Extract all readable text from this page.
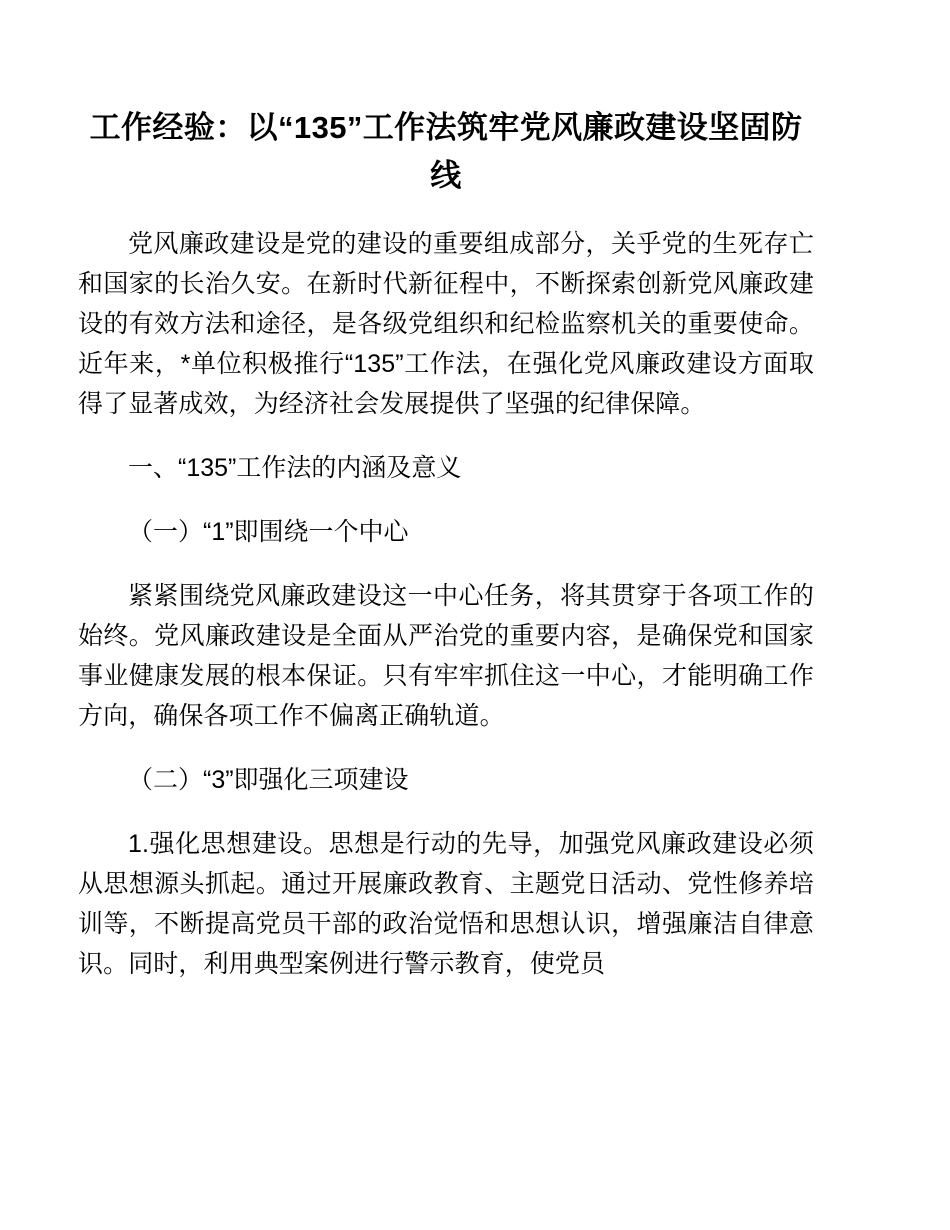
工作经验：以“135”工作法筑牢党风廉政建设坚固防线

党风廉政建设是党的建设的重要组成部分，关乎党的生死存亡和国家的长治久安。在新时代新征程中，不断探索创新党风廉政建设的有效方法和途径，是各级党组织和纪检监察机关的重要使命。近年来，*单位积极推行“135”工作法，在强化党风廉政建设方面取得了显著成效，为经济社会发展提供了坚强的纪律保障。

一、“135”工作法的内涵及意义

（一）“1”即围绕一个中心

紧紧围绕党风廉政建设这一中心任务，将其贯穿于各项工作的始终。党风廉政建设是全面从严治党的重要内容，是确保党和国家事业健康发展的根本保证。只有牢牢抓住这一中心，才能明确工作方向，确保各项工作不偏离正确轨道。

（二）“3”即强化三项建设

1.强化思想建设。思想是行动的先导，加强党风廉政建设必须从思想源头抓起。通过开展廉政教育、主题党日活动、党性修养培训等，不断提高党员干部的政治觉悟和思想认识，增强廉洁自律意识。同时，利用典型案例进行警示教育，使党员
